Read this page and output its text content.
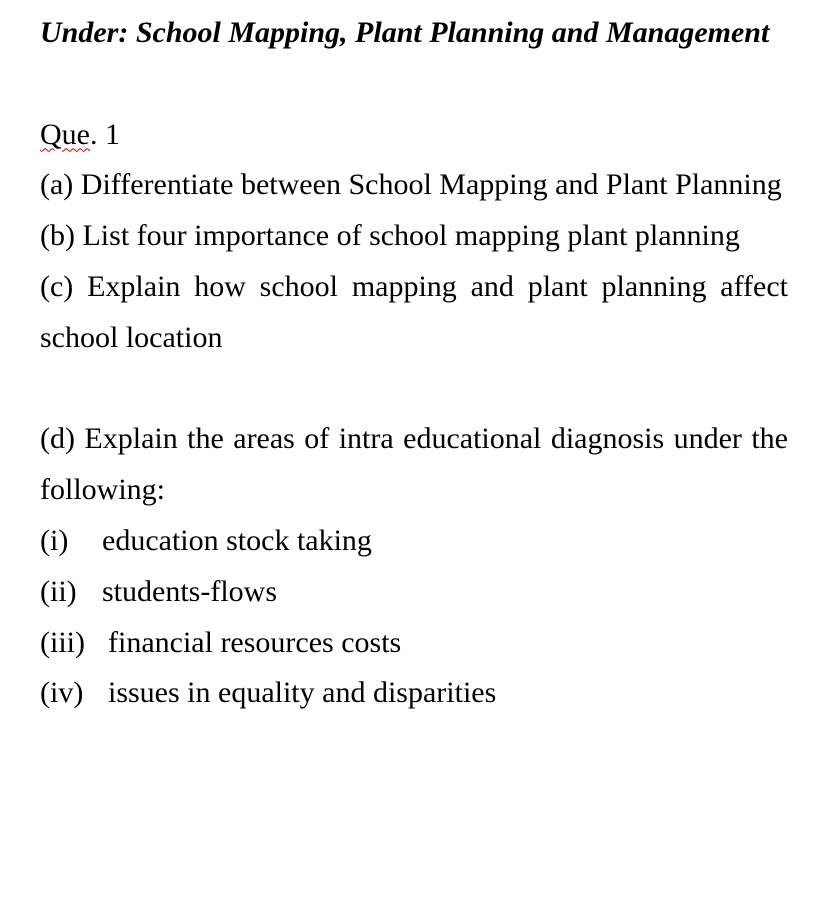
Under: School Mapping, Plant Planning and Management

Que. 1

(a) Differentiate between School Mapping and Plant Planning

(b) List four importance of school mapping plant planning

(c) Explain how school mapping and plant planning affect school location

(d) Explain the areas of intra educational diagnosis under the following:

(i) education stock taking

(ii) students-flows

(iii) financial resources costs

(iv) issues in equality and disparities
